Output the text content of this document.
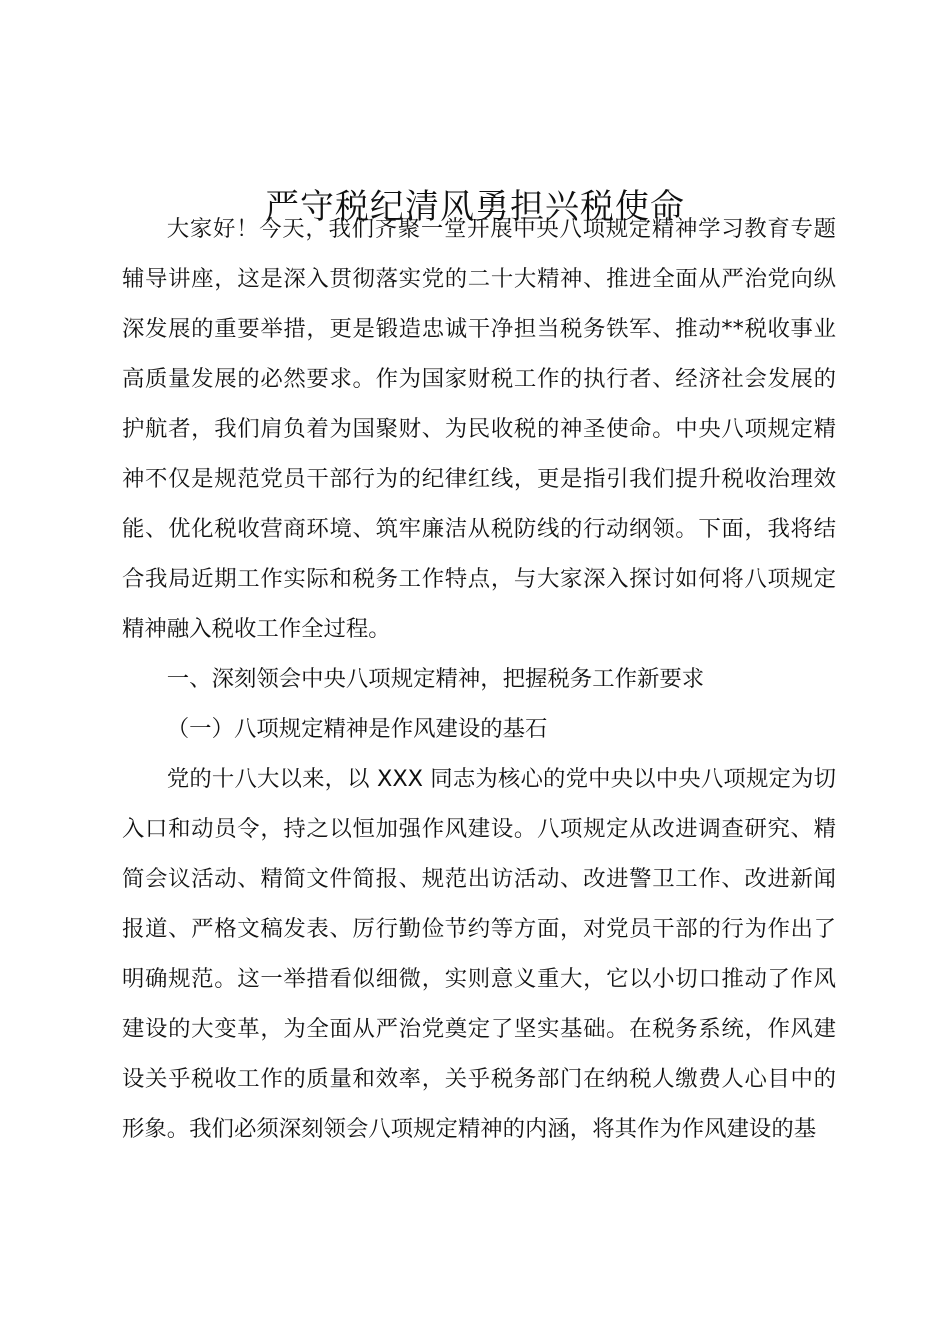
严守税纪清风勇担兴税使命

大家好！今天，我们齐聚一堂开展中央八项规定精神学习教育专题辅导讲座，这是深入贯彻落实党的二十大精神、推进全面从严治党向纵深发展的重要举措，更是锻造忠诚干净担当税务铁军、推动**税收事业高质量发展的必然要求。作为国家财税工作的执行者、经济社会发展的护航者，我们肩负着为国聚财、为民收税的神圣使命。中央八项规定精神不仅是规范党员干部行为的纪律红线，更是指引我们提升税收治理效能、优化税收营商环境、筑牢廉洁从税防线的行动纲领。下面，我将结合我局近期工作实际和税务工作特点，与大家深入探讨如何将八项规定精神融入税收工作全过程。

一、深刻领会中央八项规定精神，把握税务工作新要求

（一）八项规定精神是作风建设的基石

党的十八大以来，以 XXX 同志为核心的党中央以中央八项规定为切入口和动员令，持之以恒加强作风建设。八项规定从改进调查研究、精简会议活动、精简文件简报、规范出访活动、改进警卫工作、改进新闻报道、严格文稿发表、厉行勤俭节约等方面，对党员干部的行为作出了明确规范。这一举措看似细微，实则意义重大，它以小切口推动了作风建设的大变革，为全面从严治党奠定了坚实基础。在税务系统，作风建设关乎税收工作的质量和效率，关乎税务部门在纳税人缴费人心目中的形象。我们必须深刻领会八项规定精神的内涵，将其作为作风建设的基
